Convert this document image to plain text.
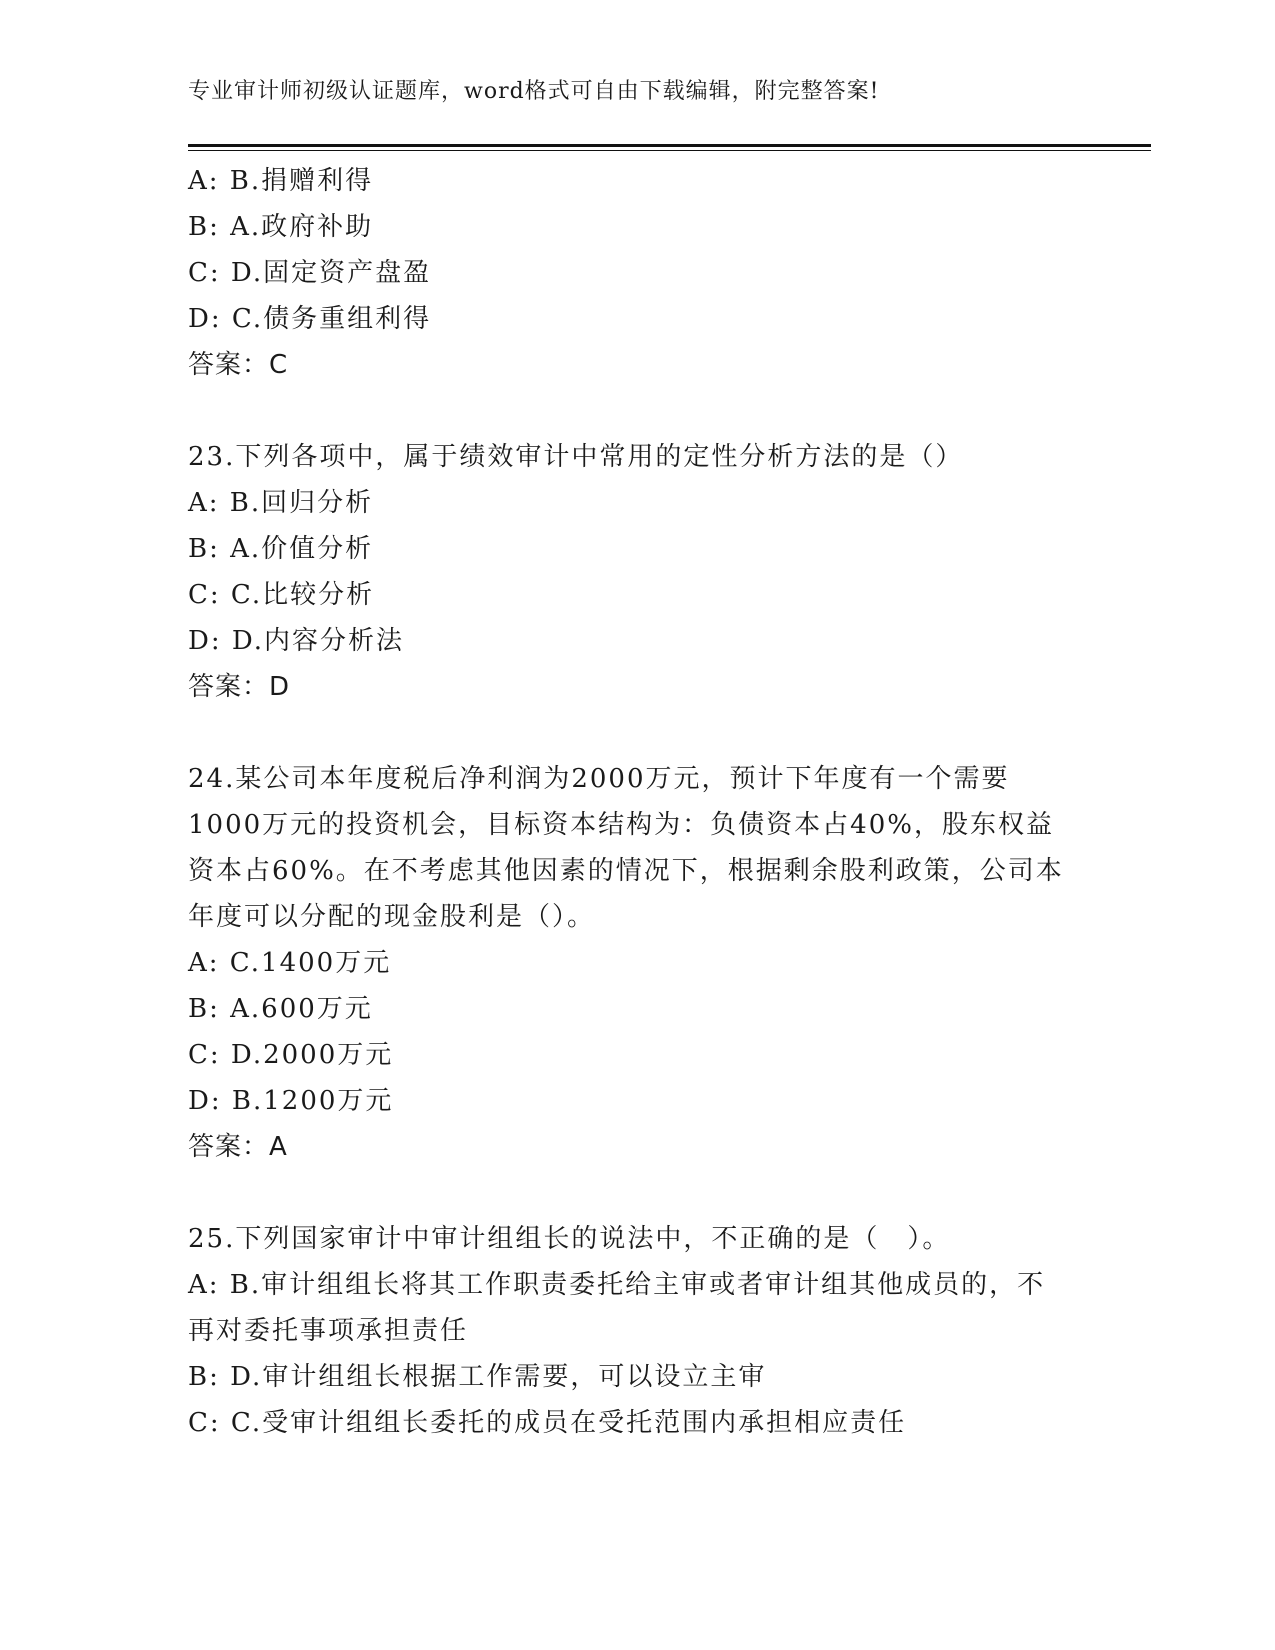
专业审计师初级认证题库，word格式可自由下载编辑，附完整答案!
A: B.捐赠利得
B: A.政府补助
C: D.固定资产盘盈
D: C.债务重组利得
答案：C
23.下列各项中，属于绩效审计中常用的定性分析方法的是（）
A: B.回归分析
B: A.价值分析
C: C.比较分析
D: D.内容分析法
答案：D
24.某公司本年度税后净利润为2000万元，预计下年度有一个需要
1000万元的投资机会，目标资本结构为：负债资本占40%，股东权益
资本占60%。在不考虑其他因素的情况下，根据剩余股利政策，公司本
年度可以分配的现金股利是（）。
A: C.1400万元
B: A.600万元
C: D.2000万元
D: B.1200万元
答案：A
25.下列国家审计中审计组组长的说法中，不正确的是（　）。
A: B.审计组组长将其工作职责委托给主审或者审计组其他成员的，不
再对委托事项承担责任
B: D.审计组组长根据工作需要，可以设立主审
C: C.受审计组组长委托的成员在受托范围内承担相应责任
